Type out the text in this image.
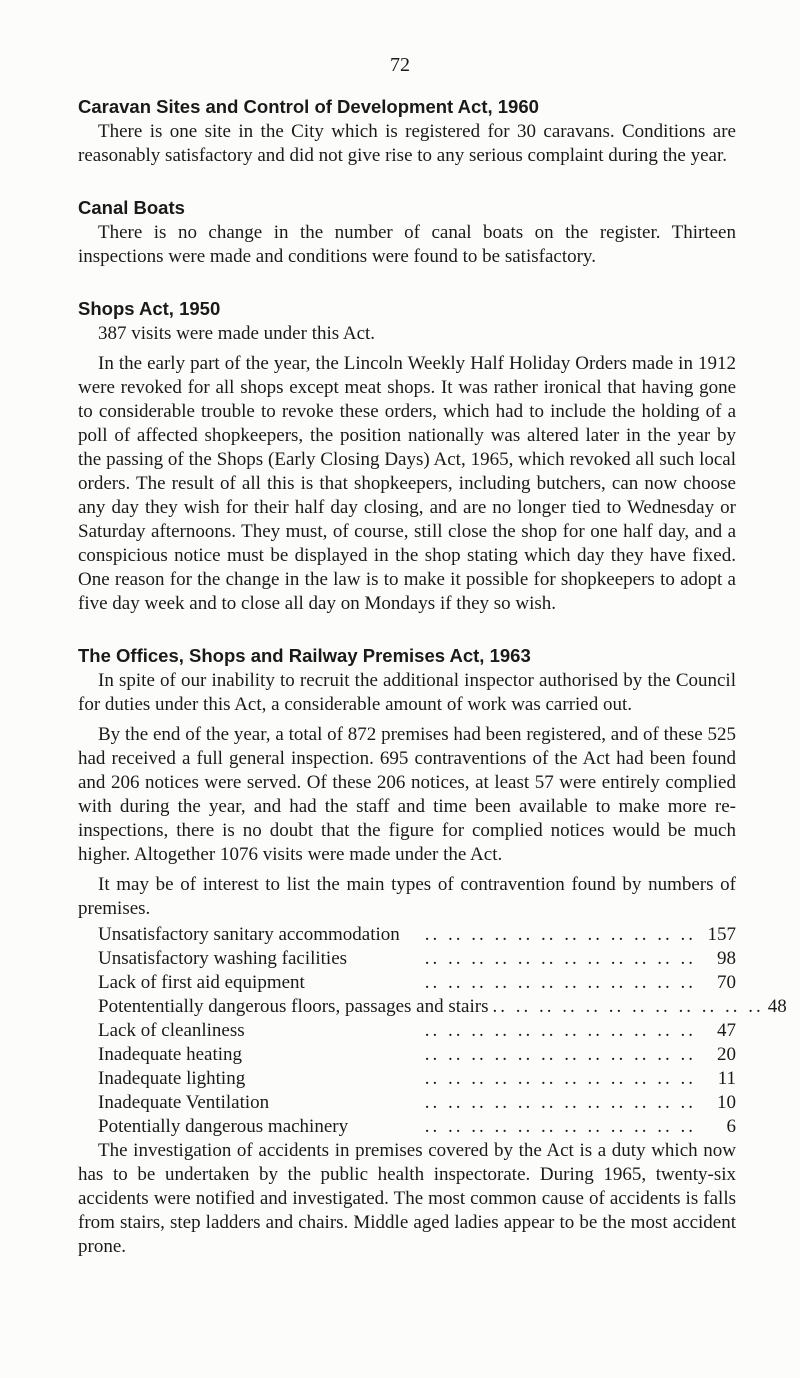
72
Caravan Sites and Control of Development Act, 1960

There is one site in the City which is registered for 30 caravans. Conditions are reasonably satisfactory and did not give rise to any serious complaint during the year.

Canal Boats

There is no change in the number of canal boats on the register. Thirteen inspections were made and conditions were found to be satisfactory.

Shops Act, 1950

387 visits were made under this Act.

In the early part of the year, the Lincoln Weekly Half Holiday Orders made in 1912 were revoked for all shops except meat shops. It was rather ironical that having gone to considerable trouble to revoke these orders, which had to include the holding of a poll of affected shopkeepers, the position nationally was altered later in the year by the passing of the Shops (Early Closing Days) Act, 1965, which revoked all such local orders. The result of all this is that shopkeepers, including butchers, can now choose any day they wish for their half day closing, and are no longer tied to Wednesday or Saturday afternoons. They must, of course, still close the shop for one half day, and a conspicious notice must be displayed in the shop stating which day they have fixed. One reason for the change in the law is to make it possible for shopkeepers to adopt a five day week and to close all day on Mondays if they so wish.

The Offices, Shops and Railway Premises Act, 1963

In spite of our inability to recruit the additional inspector authorised by the Council for duties under this Act, a considerable amount of work was carried out.

By the end of the year, a total of 872 premises had been registered, and of these 525 had received a full general inspection. 695 contraventions of the Act had been found and 206 notices were served. Of these 206 notices, at least 57 were entirely complied with during the year, and had the staff and time been available to make more re-inspections, there is no doubt that the figure for complied notices would be much higher. Altogether 1076 visits were made under the Act.

It may be of interest to list the main types of contravention found by numbers of premises.

Unsatisfactory sanitary accommodation	.. .. .. .. .. .. .. .. .. .. .. .. 157
Unsatisfactory washing facilities	.. .. .. .. .. .. .. .. .. .. .. ..	98
Lack of first aid equipment	.. .. .. .. .. .. .. .. .. .. .. ..	70
Potententially dangerous floors, passages and stairs .. .. .. .. .. .. .. .. .. .. .. .. 48
Lack of cleanliness	.. .. .. .. .. .. .. .. .. .. .. ..	47
Inadequate heating	.. .. .. .. .. .. .. .. .. .. .. ..	20
Inadequate lighting	.. .. .. .. .. .. .. .. .. .. .. ..	11
Inadequate Ventilation	.. .. .. .. .. .. .. .. .. .. .. ..	10
Potentially dangerous machinery	.. .. .. .. .. .. .. .. .. .. .. ..	6

The investigation of accidents in premises covered by the Act is a duty which now has to be undertaken by the public health inspectorate. During 1965, twenty-six accidents were notified and investigated. The most common cause of accidents is falls from stairs, step ladders and chairs. Middle aged ladies appear to be the most accident prone.
